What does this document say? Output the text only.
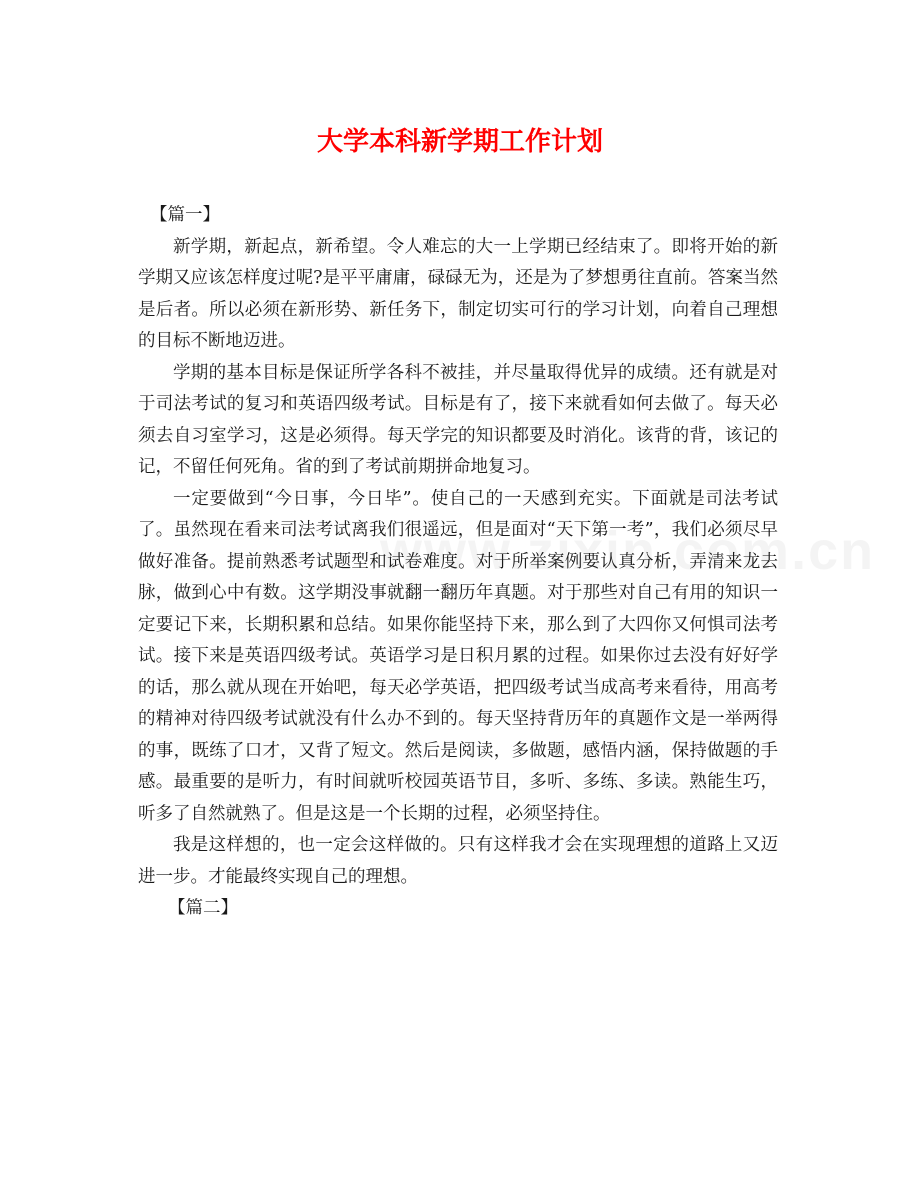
大学本科新学期工作计划

【篇一】

新学期，新起点，新希望。令人难忘的大一上学期已经结束了。即将开始的新学期又应该怎样度过呢?是平平庸庸，碌碌无为，还是为了梦想勇往直前。答案当然是后者。所以必须在新形势、新任务下，制定切实可行的学习计划，向着自己理想的目标不断地迈进。

学期的基本目标是保证所学各科不被挂，并尽量取得优异的成绩。还有就是对于司法考试的复习和英语四级考试。目标是有了，接下来就看如何去做了。每天必须去自习室学习，这是必须得。每天学完的知识都要及时消化。该背的背，该记的记，不留任何死角。省的到了考试前期拼命地复习。

一定要做到“今日事，今日毕”。使自己的一天感到充实。下面就是司法考试了。虽然现在看来司法考试离我们很遥远，但是面对“天下第一考”，我们必须尽早做好准备。提前熟悉考试题型和试卷难度。对于所举案例要认真分析，弄清来龙去脉，做到心中有数。这学期没事就翻一翻历年真题。对于那些对自己有用的知识一定要记下来，长期积累和总结。如果你能坚持下来，那么到了大四你又何惧司法考试。接下来是英语四级考试。英语学习是日积月累的过程。如果你过去没有好好学的话，那么就从现在开始吧，每天必学英语，把四级考试当成高考来看待，用高考的精神对待四级考试就没有什么办不到的。每天坚持背历年的真题作文是一举两得的事，既练了口才，又背了短文。然后是阅读，多做题，感悟内涵，保持做题的手感。最重要的是听力，有时间就听校园英语节目，多听、多练、多读。熟能生巧，听多了自然就熟了。但是这是一个长期的过程，必须坚持住。

我是这样想的，也一定会这样做的。只有这样我才会在实现理想的道路上又迈进一步。才能最终实现自己的理想。

【篇二】
